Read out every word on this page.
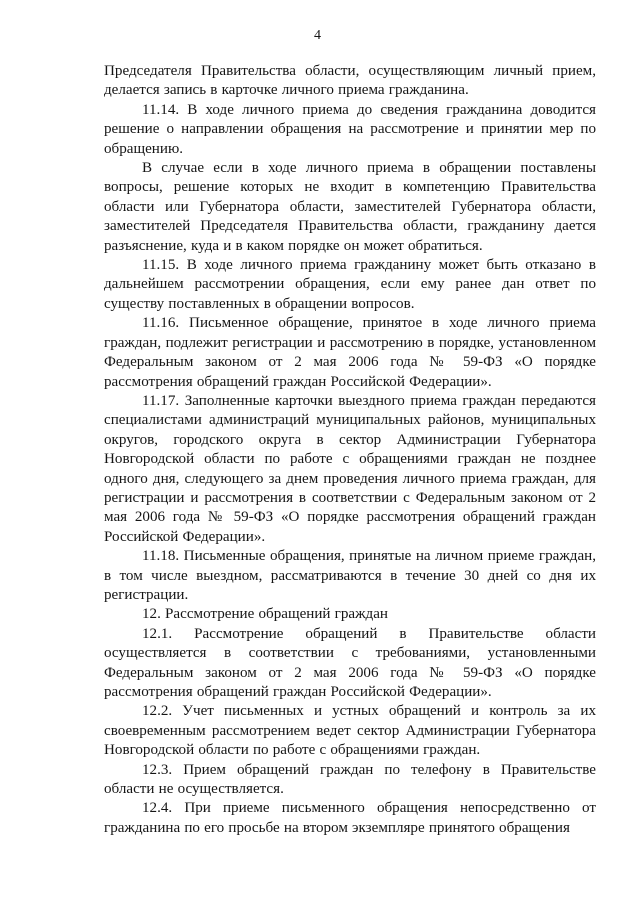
4

Председателя Правительства области, осуществляющим личный прием, делается запись в карточке личного приема гражданина.

11.14. В ходе личного приема до сведения гражданина доводится решение о направлении обращения на рассмотрение и принятии мер по обращению.

В случае если в ходе личного приема в обращении поставлены вопросы, решение которых не входит в компетенцию Правительства области или Губернатора области, заместителей Губернатора области, заместителей Председателя Правительства области, гражданину дается разъяснение, куда и в каком порядке он может обратиться.

11.15. В ходе личного приема гражданину может быть отказано в дальнейшем рассмотрении обращения, если ему ранее дан ответ по существу поставленных в обращении вопросов.

11.16. Письменное обращение, принятое в ходе личного приема граждан, подлежит регистрации и рассмотрению в порядке, установленном Федеральным законом от 2 мая 2006 года № 59-ФЗ «О порядке рассмотрения обращений граждан Российской Федерации».

11.17. Заполненные карточки выездного приема граждан передаются специалистами администраций муниципальных районов, муниципальных округов, городского округа в сектор Администрации Губернатора Новгородской области по работе с обращениями граждан не позднее одного дня, следующего за днем проведения личного приема граждан, для регистрации и рассмотрения в соответствии с Федеральным законом от 2 мая 2006 года № 59-ФЗ «О порядке рассмотрения обращений граждан Российской Федерации».

11.18. Письменные обращения, принятые на личном приеме граждан, в том числе выездном, рассматриваются в течение 30 дней со дня их регистрации.

12. Рассмотрение обращений граждан

12.1. Рассмотрение обращений в Правительстве области осуществляется в соответствии с требованиями, установленными Федеральным законом от 2 мая 2006 года № 59-ФЗ «О порядке рассмотрения обращений граждан Российской Федерации».

12.2. Учет письменных и устных обращений и контроль за их своевременным рассмотрением ведет сектор Администрации Губернатора Новгородской области по работе с обращениями граждан.

12.3. Прием обращений граждан по телефону в Правительстве области не осуществляется.

12.4. При приеме письменного обращения непосредственно от гражданина по его просьбе на втором экземпляре принятого обращения
